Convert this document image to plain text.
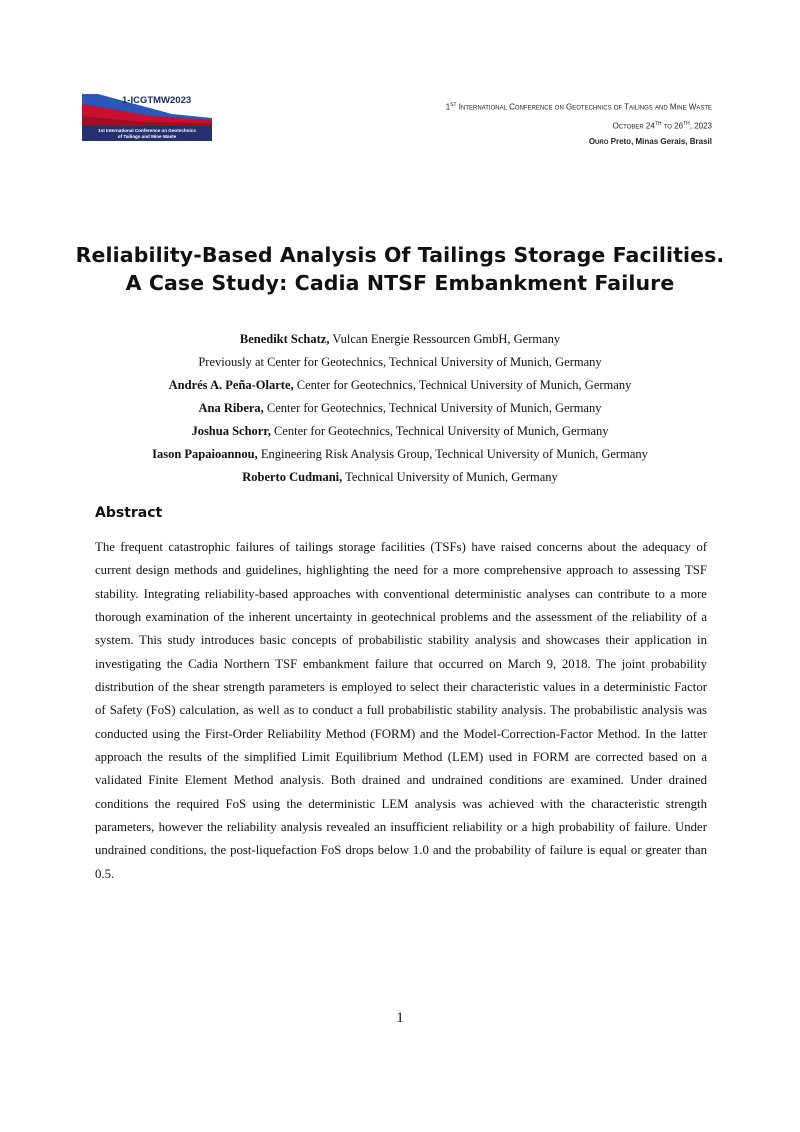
1-ICGTMW2023
1st International Conference on Geotechnics
of Tailings and Mine Waste
1ST International Conference on Geotechnics of Tailings and Mine Waste
October 24TH to 26TH, 2023
Ouro Preto, Minas Gerais, Brasil
Reliability-Based Analysis Of Tailings Storage Facilities.
A Case Study: Cadia NTSF Embankment Failure
Benedikt Schatz, Vulcan Energie Ressourcen GmbH, Germany
Previously at Center for Geotechnics, Technical University of Munich, Germany
Andrés A. Peña-Olarte, Center for Geotechnics, Technical University of Munich, Germany
Ana Ribera, Center for Geotechnics, Technical University of Munich, Germany
Joshua Schorr, Center for Geotechnics, Technical University of Munich, Germany
Iason Papaioannou, Engineering Risk Analysis Group, Technical University of Munich, Germany
Roberto Cudmani, Technical University of Munich, Germany
Abstract
The frequent catastrophic failures of tailings storage facilities (TSFs) have raised concerns about the adequacy of current design methods and guidelines, highlighting the need for a more comprehensive approach to assessing TSF stability. Integrating reliability-based approaches with conventional deterministic analyses can contribute to a more thorough examination of the inherent uncertainty in geotechnical problems and the assessment of the reliability of a system. This study introduces basic concepts of probabilistic stability analysis and showcases their application in investigating the Cadia Northern TSF embankment failure that occurred on March 9, 2018. The joint probability distribution of the shear strength parameters is employed to select their characteristic values in a deterministic Factor of Safety (FoS) calculation, as well as to conduct a full probabilistic stability analysis. The probabilistic analysis was conducted using the First-Order Reliability Method (FORM) and the Model-Correction-Factor Method. In the latter approach the results of the simplified Limit Equilibrium Method (LEM) used in FORM are corrected based on a validated Finite Element Method analysis. Both drained and undrained conditions are examined. Under drained conditions the required FoS using the deterministic LEM analysis was achieved with the characteristic strength parameters, however the reliability analysis revealed an insufficient reliability or a high probability of failure. Under undrained conditions, the post-liquefaction FoS drops below 1.0 and the probability of failure is equal or greater than 0.5.
1
